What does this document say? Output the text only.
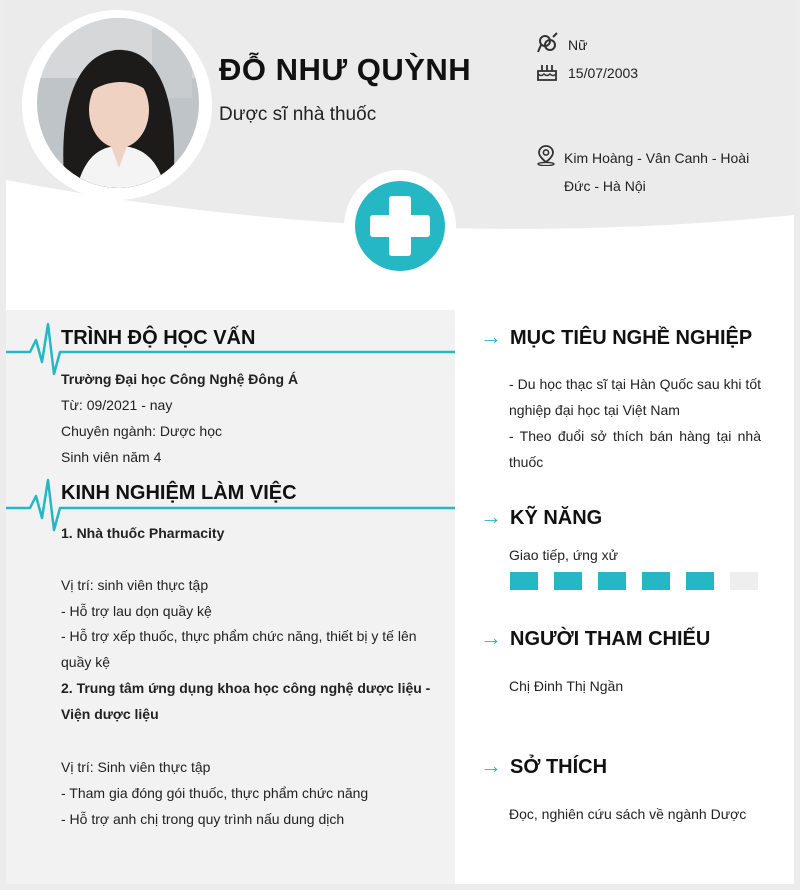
ĐỖ NHƯ QUỲNH
Dược sĩ nhà thuốc
Nữ
15/07/2003
Kim Hoàng - Vân Canh - Hoài Đức - Hà Nội
TRÌNH ĐỘ HỌC VẤN
Trường Đại học Công Nghệ Đông Á
Từ: 09/2021 - nay
Chuyên ngành: Dược học
Sinh viên năm 4
KINH NGHIỆM LÀM VIỆC
1. Nhà thuốc Pharmacity
Vị trí: sinh viên thực tập
- Hỗ trợ lau dọn quầy kệ
- Hỗ trợ xếp thuốc, thực phẩm chức năng, thiết bị y tế lên quầy kệ
2. Trung tâm ứng dụng khoa học công nghệ dược liệu - Viện dược liệu
Vị trí: Sinh viên thực tập
- Tham gia đóng gói thuốc, thực phẩm chức năng
- Hỗ trợ anh chị trong quy trình nấu dung dịch
→ MỤC TIÊU NGHỀ NGHIỆP
- Du học thạc sĩ tại Hàn Quốc sau khi tốt nghiệp đại học tại Việt Nam
- Theo đuổi sở thích bán hàng tại nhà thuốc
→ KỸ NĂNG
Giao tiếp, ứng xử
→ NGƯỜI THAM CHIẾU
Chị Đinh Thị Ngần
→ SỞ THÍCH
Đọc, nghiên cứu sách về ngành Dược
